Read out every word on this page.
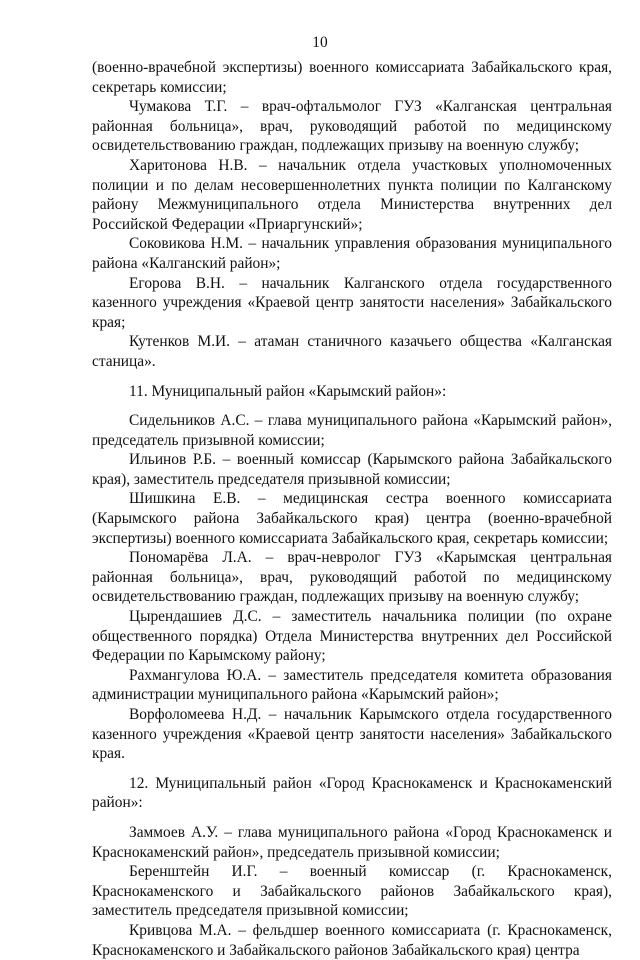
10

(военно-врачебной экспертизы) военного комиссариата Забайкальского края, секретарь комиссии;

Чумакова Т.Г. – врач-офтальмолог ГУЗ «Калганская центральная районная больница», врач, руководящий работой по медицинскому освидетельствованию граждан, подлежащих призыву на военную службу;

Харитонова Н.В. – начальник отдела участковых уполномоченных полиции и по делам несовершеннолетних пункта полиции по Калганскому району Межмуниципального отдела Министерства внутренних дел Российской Федерации «Приаргунский»;

Соковикова Н.М. – начальник управления образования муниципального района «Калганский район»;

Егорова В.Н. – начальник Калганского отдела государственного казенного учреждения «Краевой центр занятости населения» Забайкальского края;

Кутенков М.И. – атаман станичного казачьего общества «Калганская станица».

11. Муниципальный район «Карымский район»:

Сидельников А.С. – глава муниципального района «Карымский район», председатель призывной комиссии;

Ильинов Р.Б. – военный комиссар (Карымского района Забайкальского края), заместитель председателя призывной комиссии;

Шишкина Е.В. – медицинская сестра военного комиссариата (Карымского района Забайкальского края) центра (военно-врачебной экспертизы) военного комиссариата Забайкальского края, секретарь комиссии;

Пономарёва Л.А. – врач-невролог ГУЗ «Карымская центральная районная больница», врач, руководящий работой по медицинскому освидетельствованию граждан, подлежащих призыву на военную службу;

Цырендашиев Д.С. – заместитель начальника полиции (по охране общественного порядка) Отдела Министерства внутренних дел Российской Федерации по Карымскому району;

Рахмангулова Ю.А. – заместитель председателя комитета образования администрации муниципального района «Карымский район»;

Ворфоломеева Н.Д. – начальник Карымского отдела государственного казенного учреждения «Краевой центр занятости населения» Забайкальского края.

12. Муниципальный район «Город Краснокаменск и Краснокаменский район»:

Заммоев А.У. – глава муниципального района «Город Краснокаменск и Краснокаменский район», председатель призывной комиссии;

Беренштейн И.Г. – военный комиссар (г. Краснокаменск, Краснокаменского и Забайкальского районов Забайкальского края), заместитель председателя призывной комиссии;

Кривцова М.А. – фельдшер военного комиссариата (г. Краснокаменск, Краснокаменского и Забайкальского районов Забайкальского края) центра
